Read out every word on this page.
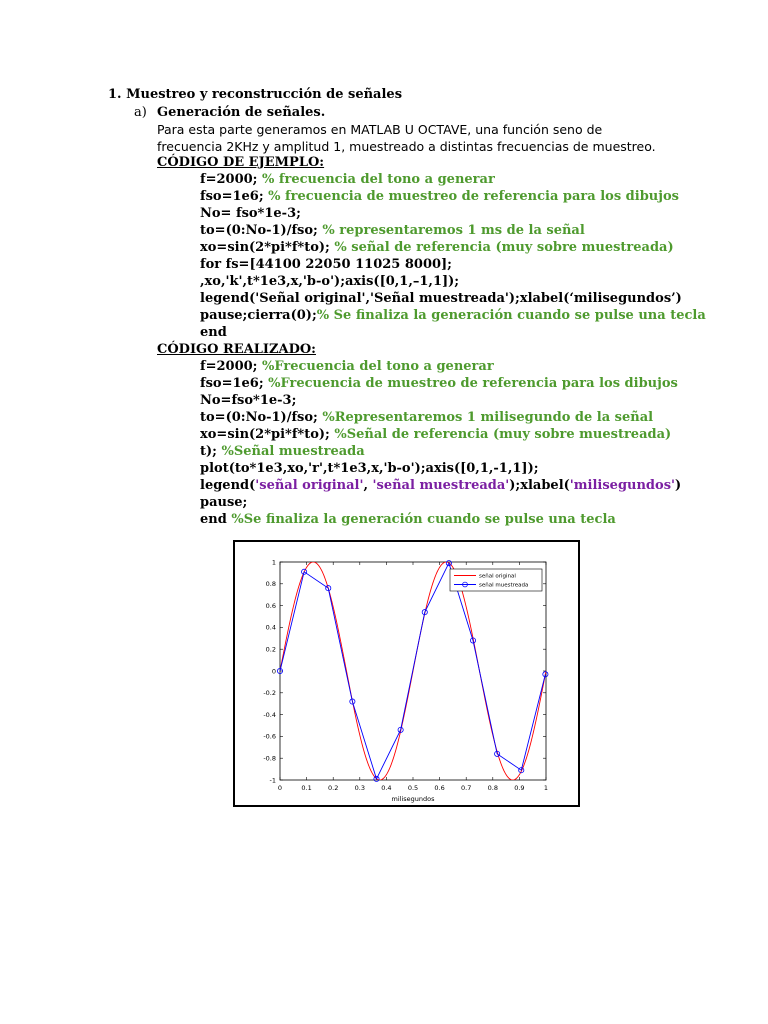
1. Muestreo y reconstrucción de señales
a) Generación de señales.
Para esta parte generamos en MATLAB U OCTAVE, una función seno de
frecuencia 2KHz y amplitud 1, muestreado a distintas frecuencias de muestreo.
CÓDIGO DE EJEMPLO:
f=2000; % frecuencia del tono a generar
fso=1e6; % frecuencia de muestreo de referencia para los dibujos
No= fso*1e-3;
to=(0:No-1)/fso; % representaremos 1 ms de la señal
xo=sin(2*pi*f*to); % señal de referencia (muy sobre muestreada)
for fs=[44100 22050 11025 8000];
,xo,'k',t*1e3,x,'b-o');axis([0,1,–1,1]);
legend('Señal original','Señal muestreada');xlabel(‘milisegundos’)
pause;cierra(0);% Se finaliza la generación cuando se pulse una tecla
end
CÓDIGO REALIZADO:
f=2000; %Frecuencia del tono a generar
fso=1e6; %Frecuencia de muestreo de referencia para los dibujos
No=fso*1e-3;
to=(0:No-1)/fso; %Representaremos 1 milisegundo de la señal
xo=sin(2*pi*f*to); %Señal de referencia (muy sobre muestreada)
t); %Señal muestreada
plot(to*1e3,xo,'r',t*1e3,x,'b-o');axis([0,1,-1,1]);
legend('señal original', 'señal muestreada');xlabel('milisegundos')
pause;
end %Se finaliza la generación cuando se pulse una tecla
0	0.1	0.2	0.3	0.4	0.5	0.6	0.7	0.8	0.9	1
1
0.8
0.6
0.4
0.2
0
-0.2
-0.4
-0.6
-0.8
-1
milisegundos
señal original
señal muestreada
